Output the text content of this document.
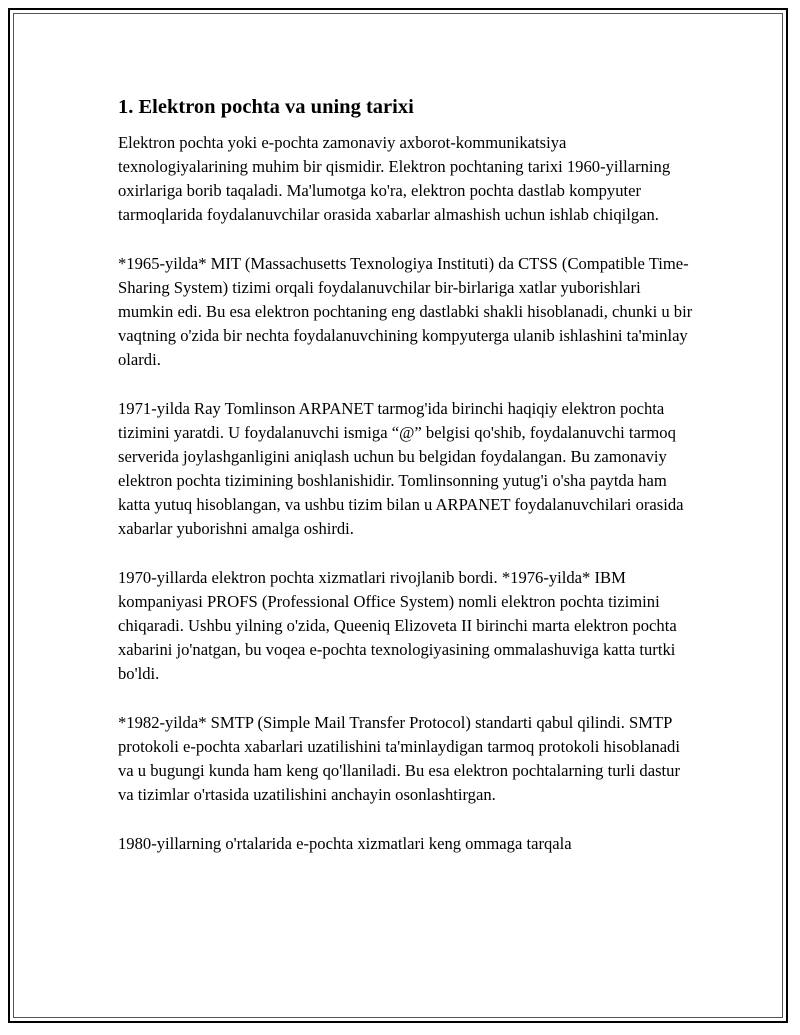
1. Elektron pochta va uning tarixi

Elektron pochta yoki e-pochta zamonaviy axborot-kommunikatsiya texnologiyalarining muhim bir qismidir. Elektron pochtaning tarixi 1960-yillarning oxirlariga borib taqaladi. Ma'lumotga ko'ra, elektron pochta dastlab kompyuter tarmoqlarida foydalanuvchilar orasida xabarlar almashish uchun ishlab chiqilgan.

*1965-yilda* MIT (Massachusetts Texnologiya Instituti) da CTSS (Compatible Time-Sharing System) tizimi orqali foydalanuvchilar bir-birlariga xatlar yuborishlari mumkin edi. Bu esa elektron pochtaning eng dastlabki shakli hisoblanadi, chunki u bir vaqtning o'zida bir nechta foydalanuvchining kompyuterga ulanib ishlashini ta'minlay olardi.

1971-yilda Ray Tomlinson ARPANET tarmog'ida birinchi haqiqiy elektron pochta tizimini yaratdi. U foydalanuvchi ismiga “@” belgisi qo'shib, foydalanuvchi tarmoq serverida joylashganligini aniqlash uchun bu belgidan foydalangan. Bu zamonaviy elektron pochta tizimining boshlanishidir. Tomlinsonning yutug'i o'sha paytda ham katta yutuq hisoblangan, va ushbu tizim bilan u ARPANET foydalanuvchilari orasida xabarlar yuborishni amalga oshirdi.

1970-yillarda elektron pochta xizmatlari rivojlanib bordi. *1976-yilda* IBM kompaniyasi PROFS (Professional Office System) nomli elektron pochta tizimini chiqaradi. Ushbu yilning o'zida, Queeniq Elizoveta II birinchi marta elektron pochta xabarini jo'natgan, bu voqea e-pochta texnologiyasining ommalashuviga katta turtki bo'ldi.

*1982-yilda* SMTP (Simple Mail Transfer Protocol) standarti qabul qilindi. SMTP protokoli e-pochta xabarlari uzatilishini ta'minlaydigan tarmoq protokoli hisoblanadi va u bugungi kunda ham keng qo'llaniladi. Bu esa elektron pochtalarning turli dastur va tizimlar o'rtasida uzatilishini anchayin osonlashtirgan.

1980-yillarning o'rtalarida e-pochta xizmatlari keng ommaga tarqala
